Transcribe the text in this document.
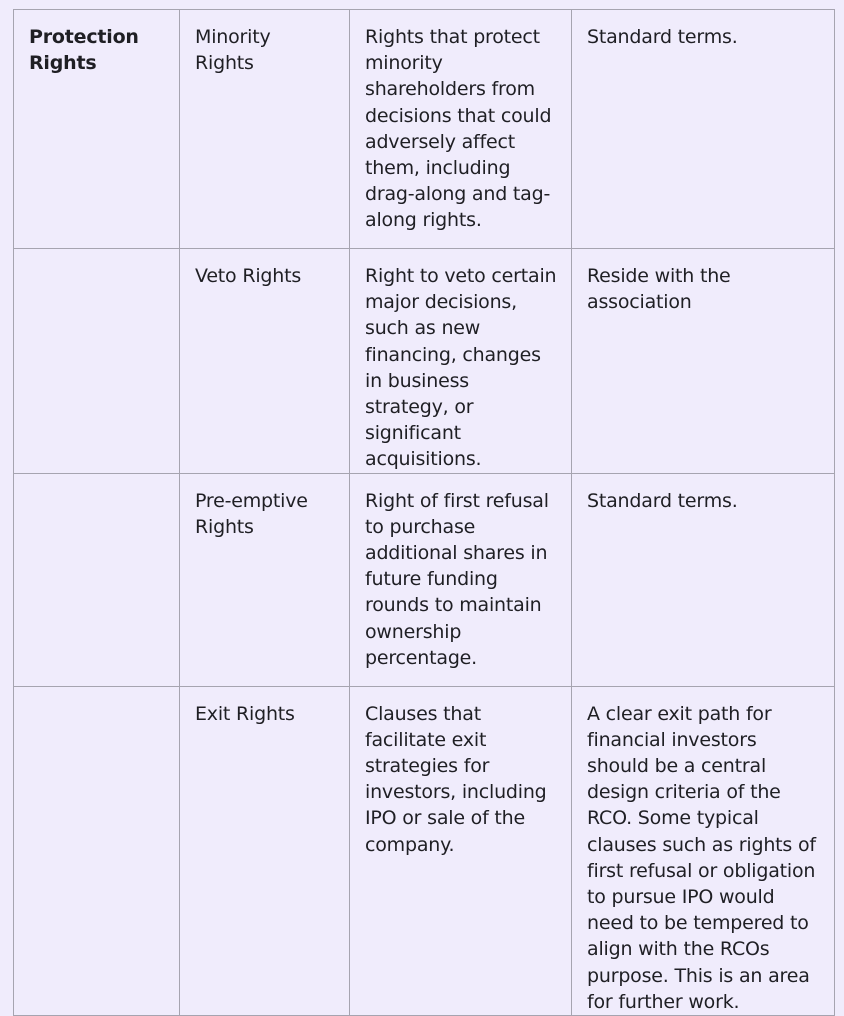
Protection Rights	Minority Rights	Rights that protect minority shareholders from decisions that could adversely affect them, including drag-along and tag-along rights.	Standard terms.
	Veto Rights	Right to veto certain major decisions, such as new financing, changes in business strategy, or significant acquisitions.	Reside with the association
	Pre-emptive Rights	Right of first refusal to purchase additional shares in future funding rounds to maintain ownership percentage.	Standard terms.
	Exit Rights	Clauses that facilitate exit strategies for investors, including IPO or sale of the company.	A clear exit path for financial investors should be a central design criteria of the RCO. Some typical clauses such as rights of first refusal or obligation to pursue IPO would need to be tempered to align with the RCOs purpose. This is an area for further work.
